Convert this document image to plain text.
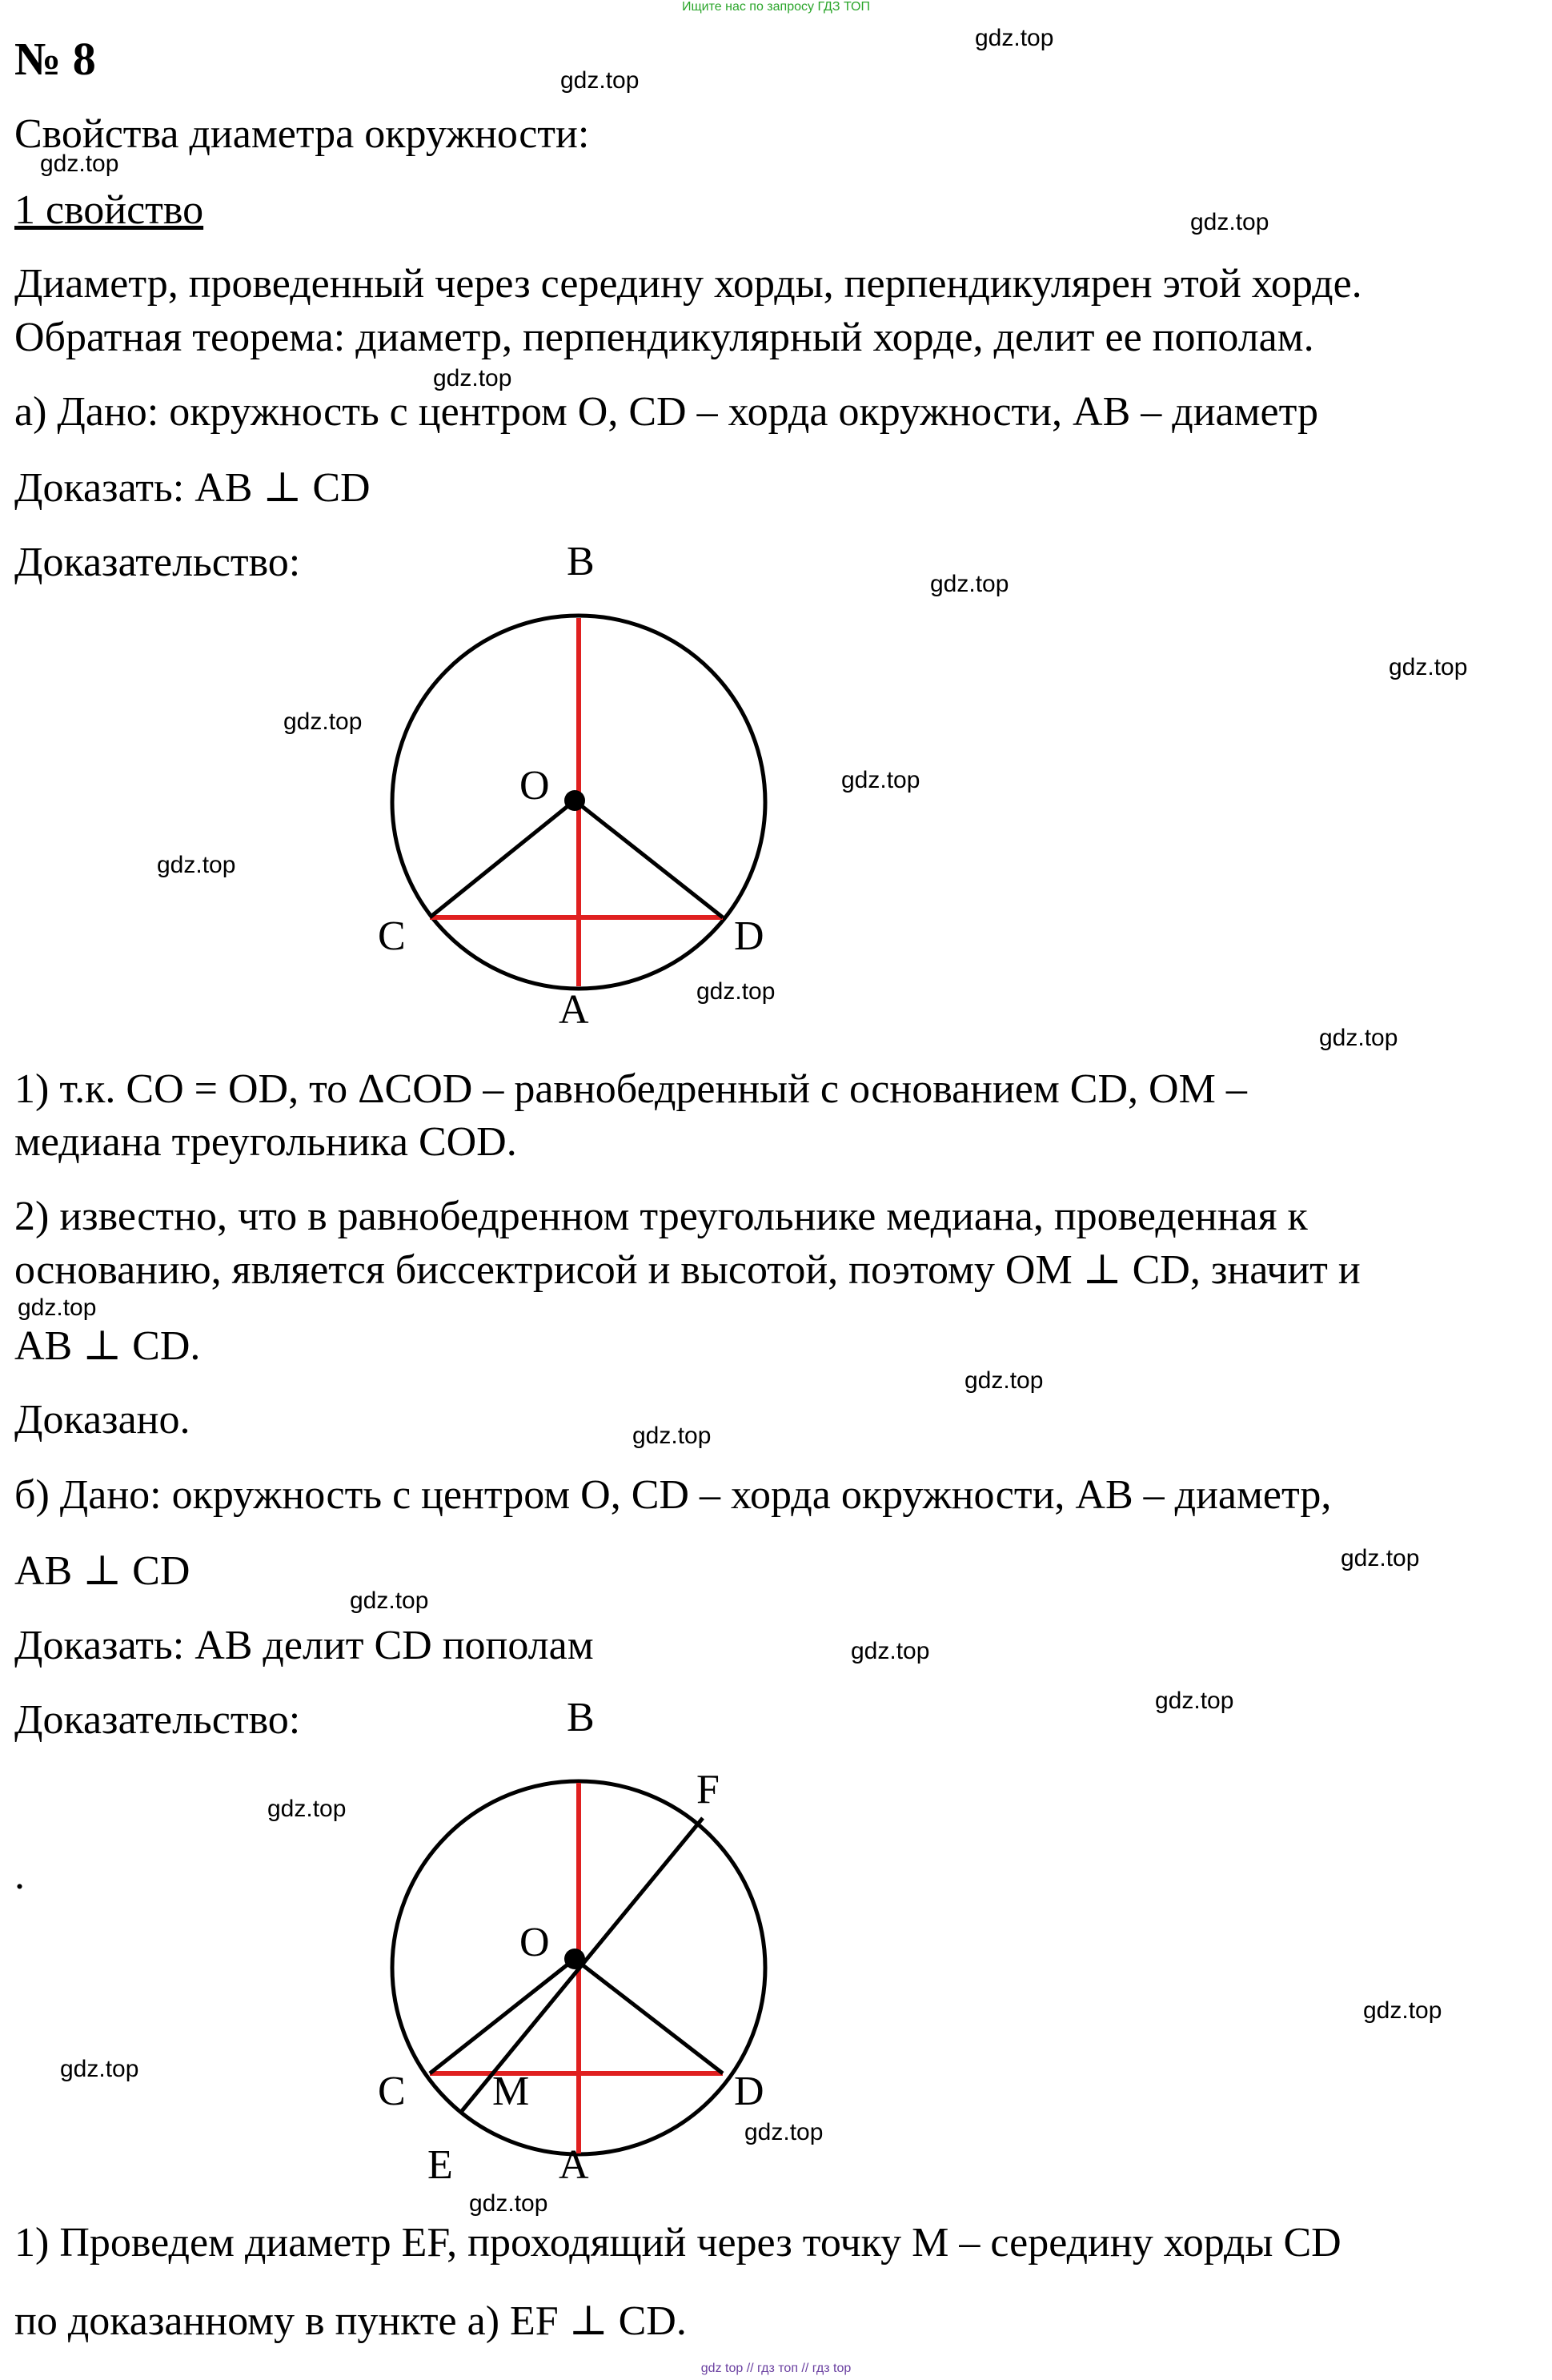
Ищите нас по запросу ГДЗ ТОП
№ 8
Свойства диаметра окружности:
1 свойство
Диаметр, проведенный через середину хорды, перпендикулярен этой хорде.
Обратная теорема: диаметр, перпендикулярный хорде, делит ее пополам.
а) Дано: окружность с центром O, CD – хорда окружности, AB – диаметр
Доказать: AB ⊥ CD
Доказательство:	B
O
C	D
A
1) т.к. CO = OD, то ΔCOD – равнобедренный с основанием CD, OM –
медиана треугольника COD.
2) известно, что в равнобедренном треугольнике медиана, проведенная к
основанию, является биссектрисой и высотой, поэтому OM ⊥ CD, значит и
AB ⊥ CD.
Доказано.
б) Дано: окружность с центром O, CD – хорда окружности, AB – диаметр,
AB ⊥ CD
Доказать: AB делит CD пополам
Доказательство:
.
B
F
O
C M	D
E	A
1) Проведем диаметр EF, проходящий через точку M – середину хорды CD
по доказанному в пункте а) EF ⊥ CD.
gdz.top
gdz.top
gdz.top
gdz.top
gdz.top
gdz.top
gdz.top
gdz.top
gdz.top
gdz.top
gdz.top
gdz.top
gdz.top
gdz.top
gdz.top
gdz.top
gdz.top
gdz.top
gdz.top
gdz.top
gdz.top
gdz.top
gdz.top
gdz.top
gdz top // гдз топ // гдз top
